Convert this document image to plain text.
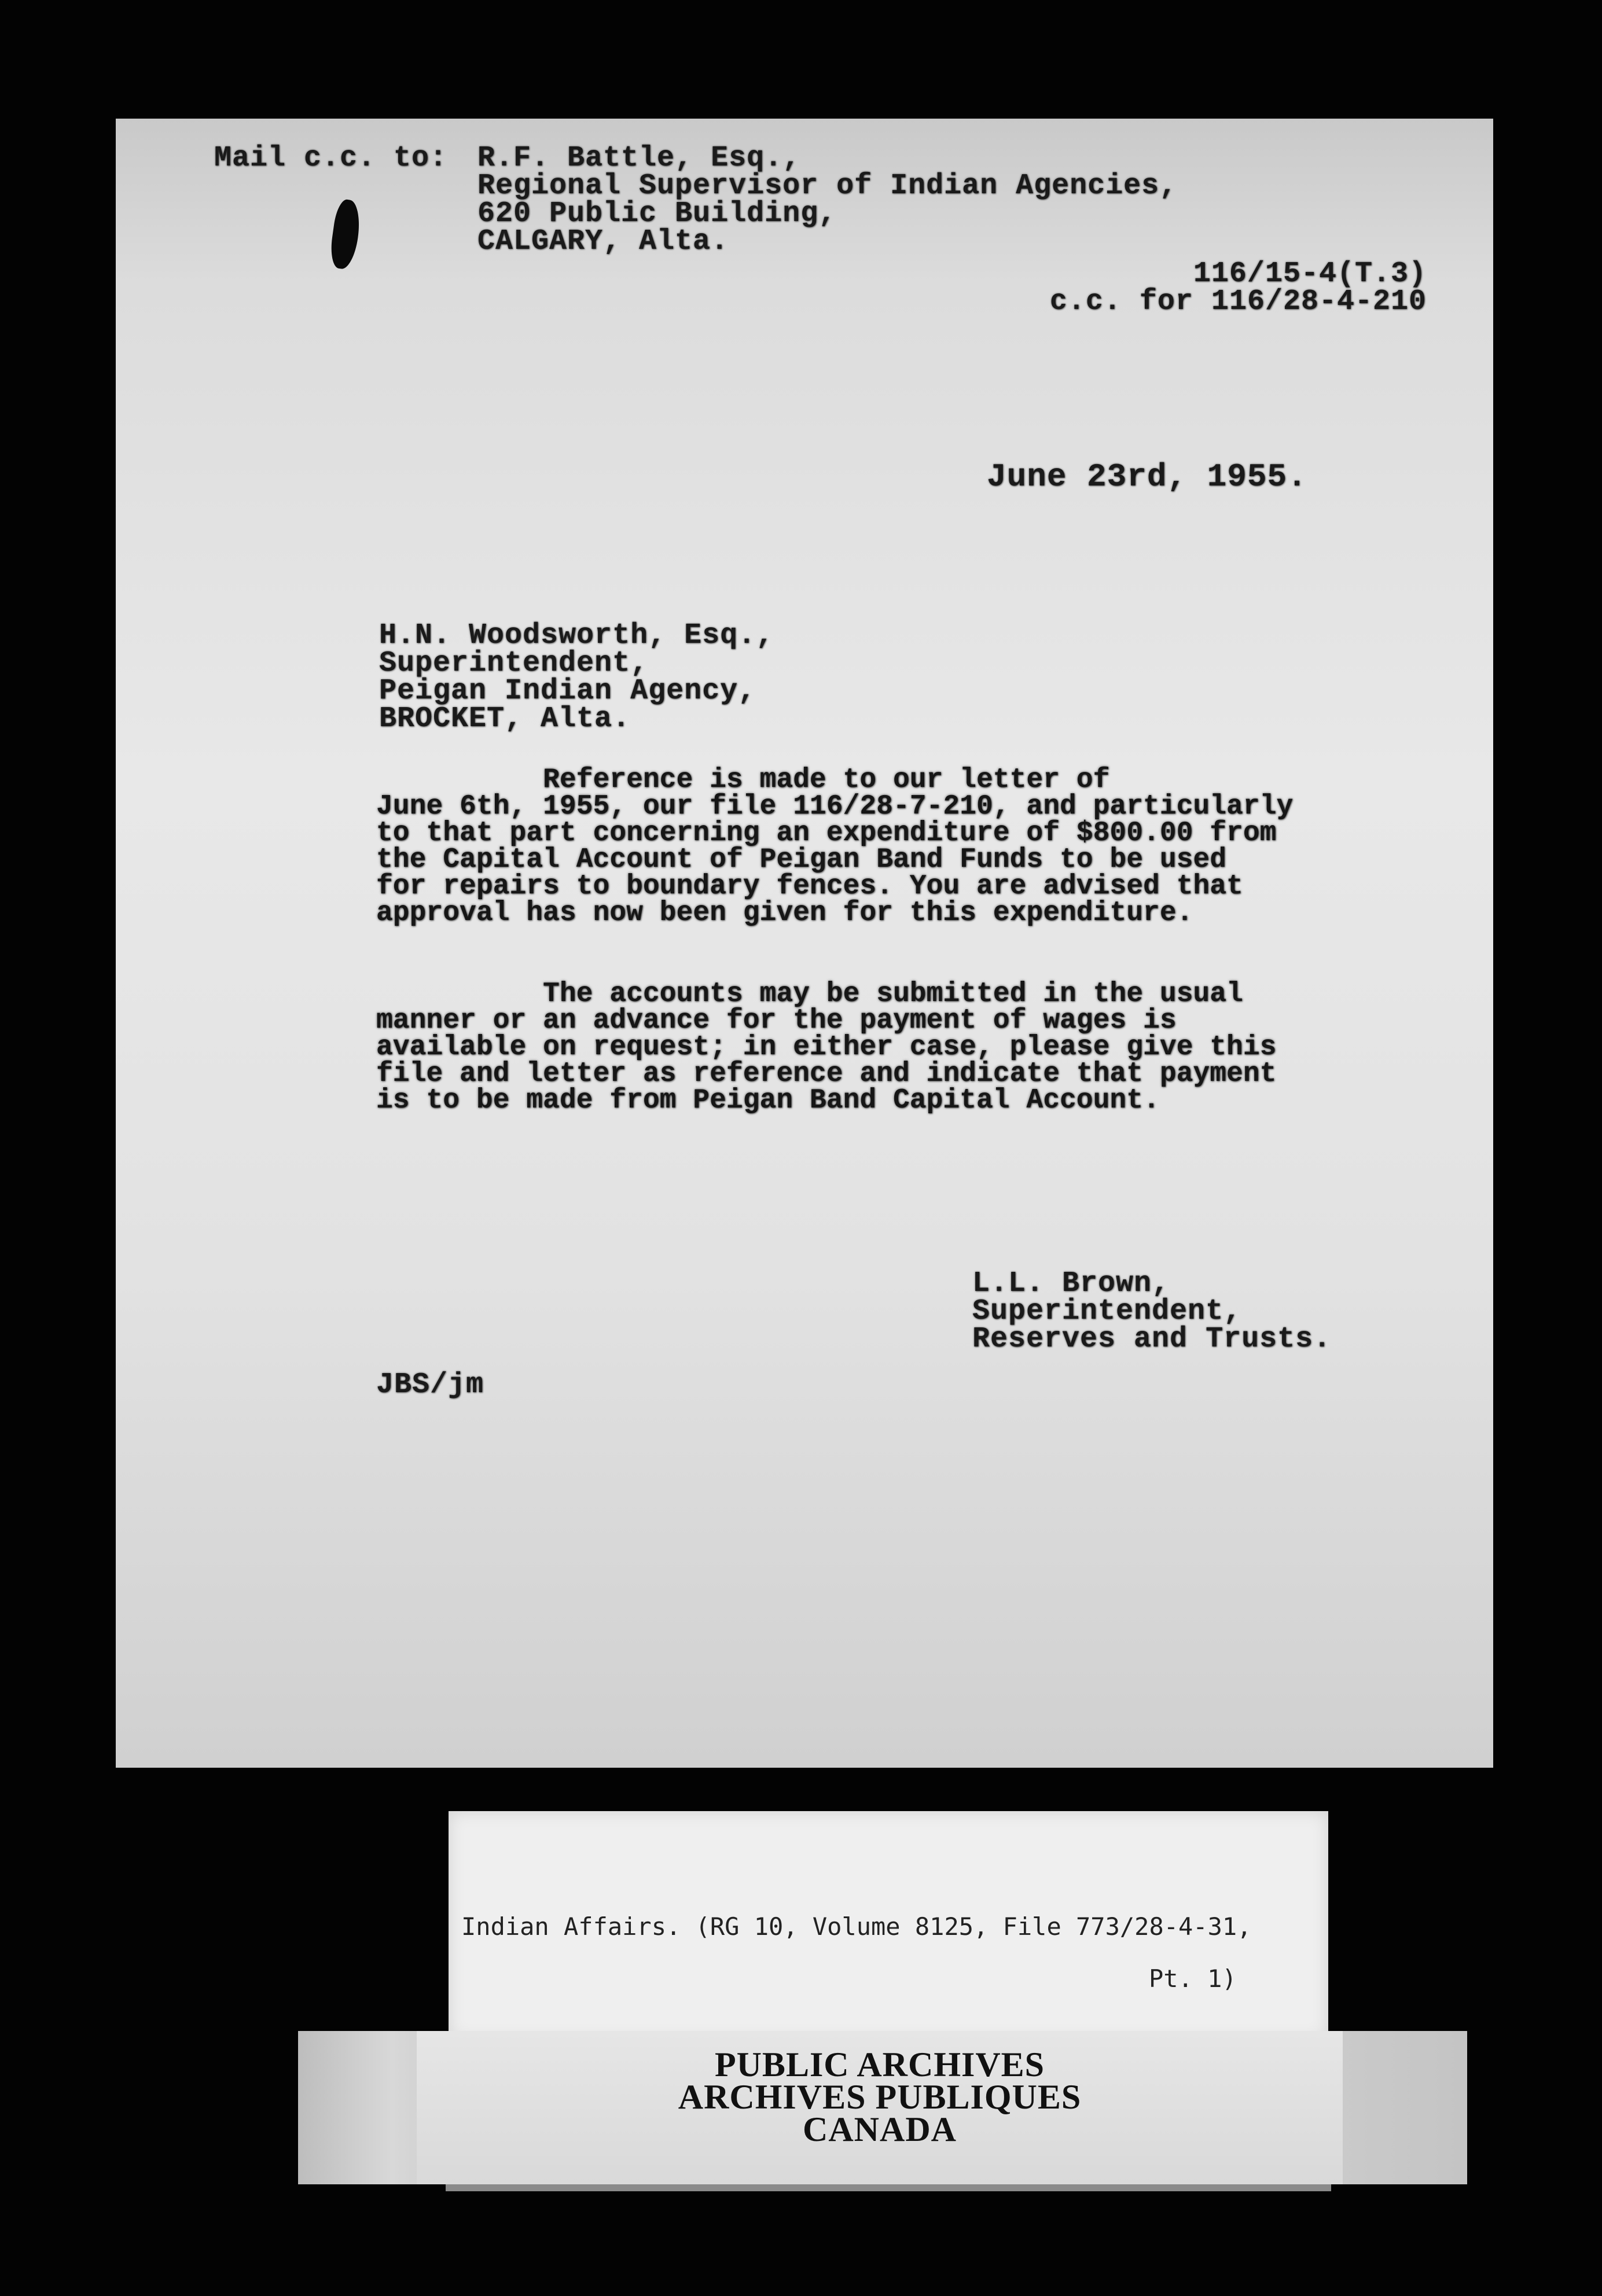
Mail c.c. to: R.F. Battle, Esq.,
Regional Supervisor of Indian Agencies,
620 Public Building,
CALGARY, Alta.
116/15-4(T.3)
c.c. for 116/28-4-210
June 23rd, 1955.
H.N. Woodsworth, Esq.,
Superintendent,
Peigan Indian Agency,
BROCKET, Alta.
Reference is made to our letter of
June 6th, 1955, our file 116/28-7-210, and particularly
to that part concerning an expenditure of $800.00 from
the Capital Account of Peigan Band Funds to be used
for repairs to boundary fences. You are advised that
approval has now been given for this expenditure.
The accounts may be submitted in the usual
manner or an advance for the payment of wages is
available on request; in either case, please give this
file and letter as reference and indicate that payment
is to be made from Peigan Band Capital Account.
L.L. Brown,
Superintendent,
Reserves and Trusts.
JBS/jm
Indian Affairs. (RG 10, Volume 8125, File 773/28-4-31,
Pt. 1)
PUBLIC ARCHIVES
ARCHIVES PUBLIQUES
CANADA
